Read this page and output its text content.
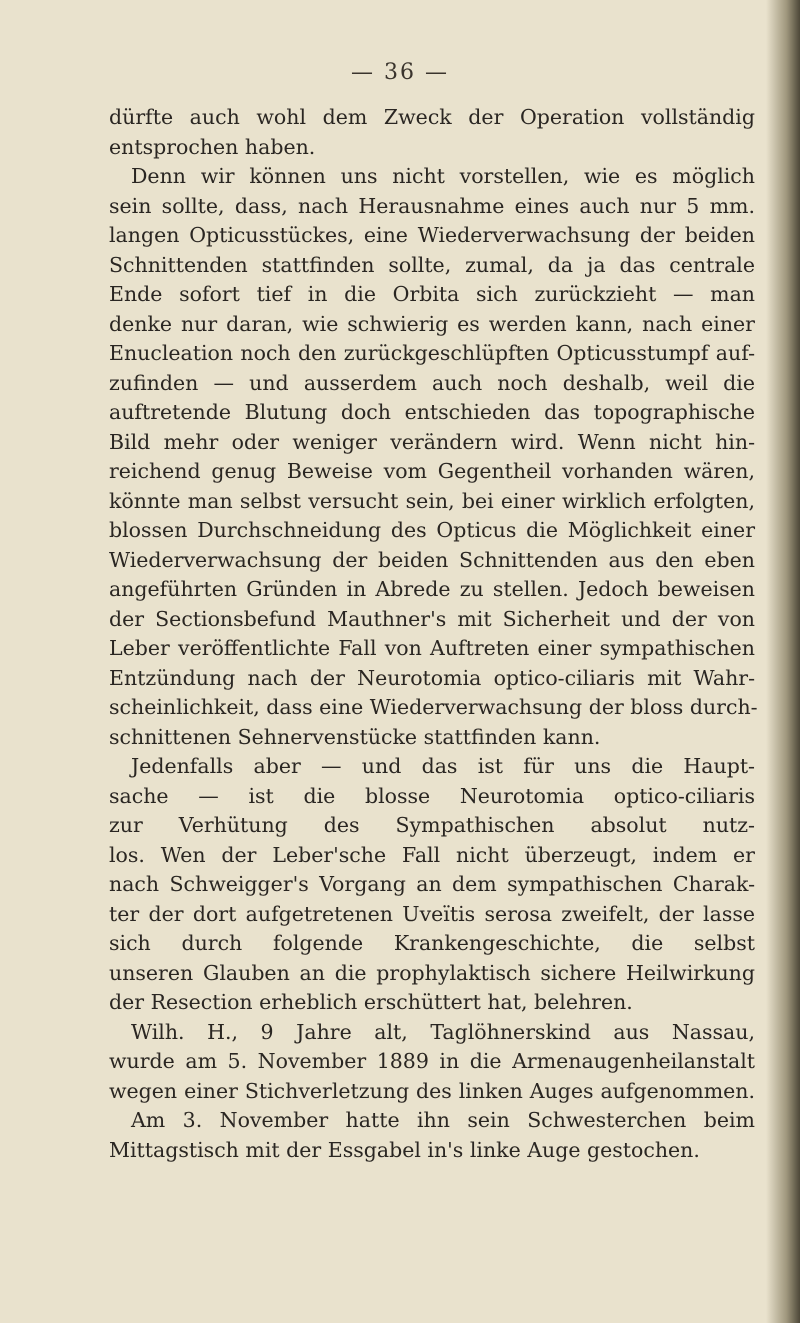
— 36 —
dürfte auch wohl dem Zweck der Operation vollständig
entsprochen haben.
Denn wir können uns nicht vorstellen, wie es möglich
sein sollte, dass, nach Herausnahme eines auch nur 5 mm.
langen Opticusstückes, eine Wiederverwachsung der beiden
Schnittenden stattfinden sollte, zumal, da ja das centrale
Ende sofort tief in die Orbita sich zurückzieht — man
denke nur daran, wie schwierig es werden kann, nach einer
Enucleation noch den zurückgeschlüpften Opticusstumpf auf-
zufinden — und ausserdem auch noch deshalb, weil die
auftretende Blutung doch entschieden das topographische
Bild mehr oder weniger verändern wird. Wenn nicht hin-
reichend genug Beweise vom Gegentheil vorhanden wären,
könnte man selbst versucht sein, bei einer wirklich erfolgten,
blossen Durchschneidung des Opticus die Möglichkeit einer
Wiederverwachsung der beiden Schnittenden aus den eben
angeführten Gründen in Abrede zu stellen. Jedoch beweisen
der Sectionsbefund Mauthner's mit Sicherheit und der von
Leber veröffentlichte Fall von Auftreten einer sympathischen
Entzündung nach der Neurotomia optico-ciliaris mit Wahr-
scheinlichkeit, dass eine Wiederverwachsung der bloss durch-
schnittenen Sehnervenstücke stattfinden kann.
Jedenfalls aber — und das ist für uns die Haupt-
sache — ist die blosse Neurotomia optico-ciliaris
zur Verhütung des Sympathischen absolut nutz-
los. Wen der Leber'sche Fall nicht überzeugt, indem er
nach Schweigger's Vorgang an dem sympathischen Charak-
ter der dort aufgetretenen Uveïtis serosa zweifelt, der lasse
sich durch folgende Krankengeschichte, die selbst
unseren Glauben an die prophylaktisch sichere Heilwirkung
der Resection erheblich erschüttert hat, belehren.
Wilh. H., 9 Jahre alt, Taglöhnerskind aus Nassau,
wurde am 5. November 1889 in die Armenaugenheilanstalt
wegen einer Stichverletzung des linken Auges aufgenommen.
Am 3. November hatte ihn sein Schwesterchen beim
Mittagstisch mit der Essgabel in's linke Auge gestochen.
